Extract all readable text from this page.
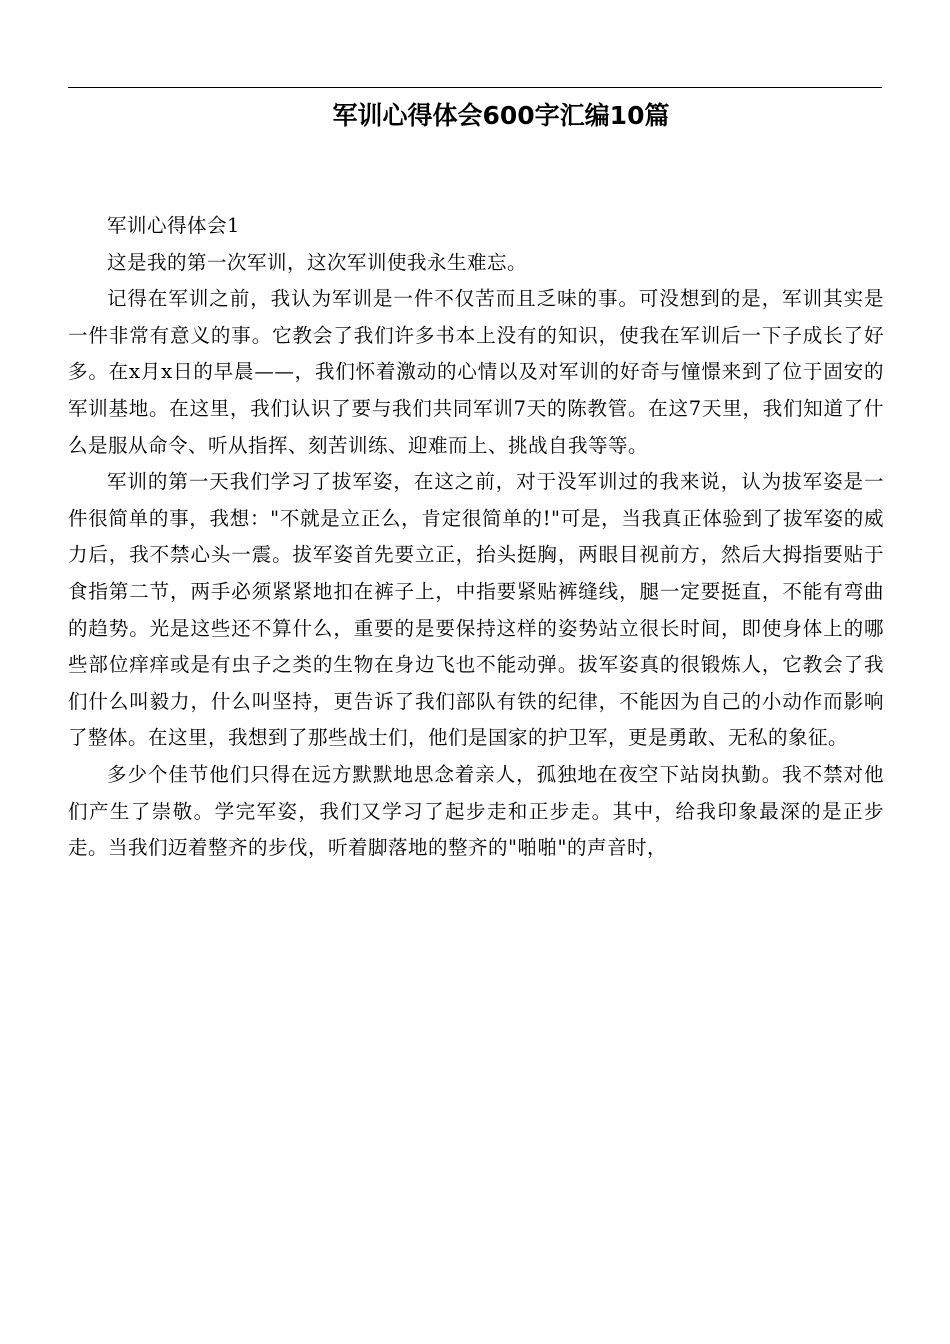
军训心得体会600字汇编10篇

军训心得体会1

这是我的第一次军训，这次军训使我永生难忘。

记得在军训之前，我认为军训是一件不仅苦而且乏味的事。可没想到的是，军训其实是一件非常有意义的事。它教会了我们许多书本上没有的知识，使我在军训后一下子成长了好多。在x月x日的早晨——，我们怀着激动的心情以及对军训的好奇与憧憬来到了位于固安的军训基地。在这里，我们认识了要与我们共同军训7天的陈教管。在这7天里，我们知道了什么是服从命令、听从指挥、刻苦训练、迎难而上、挑战自我等等。

军训的第一天我们学习了拔军姿，在这之前，对于没军训过的我来说，认为拔军姿是一件很简单的事，我想："不就是立正么，肯定很简单的!"可是，当我真正体验到了拔军姿的威力后，我不禁心头一震。拔军姿首先要立正，抬头挺胸，两眼目视前方，然后大拇指要贴于食指第二节，两手必须紧紧地扣在裤子上，中指要紧贴裤缝线，腿一定要挺直，不能有弯曲的趋势。光是这些还不算什么，重要的是要保持这样的姿势站立很长时间，即使身体上的哪些部位痒痒或是有虫子之类的生物在身边飞也不能动弹。拔军姿真的很锻炼人，它教会了我们什么叫毅力，什么叫坚持，更告诉了我们部队有铁的纪律，不能因为自己的小动作而影响了整体。在这里，我想到了那些战士们，他们是国家的护卫军，更是勇敢、无私的象征。

多少个佳节他们只得在远方默默地思念着亲人，孤独地在夜空下站岗执勤。我不禁对他们产生了崇敬。学完军姿，我们又学习了起步走和正步走。其中，给我印象最深的是正步走。当我们迈着整齐的步伐，听着脚落地的整齐的"啪啪"的声音时，
